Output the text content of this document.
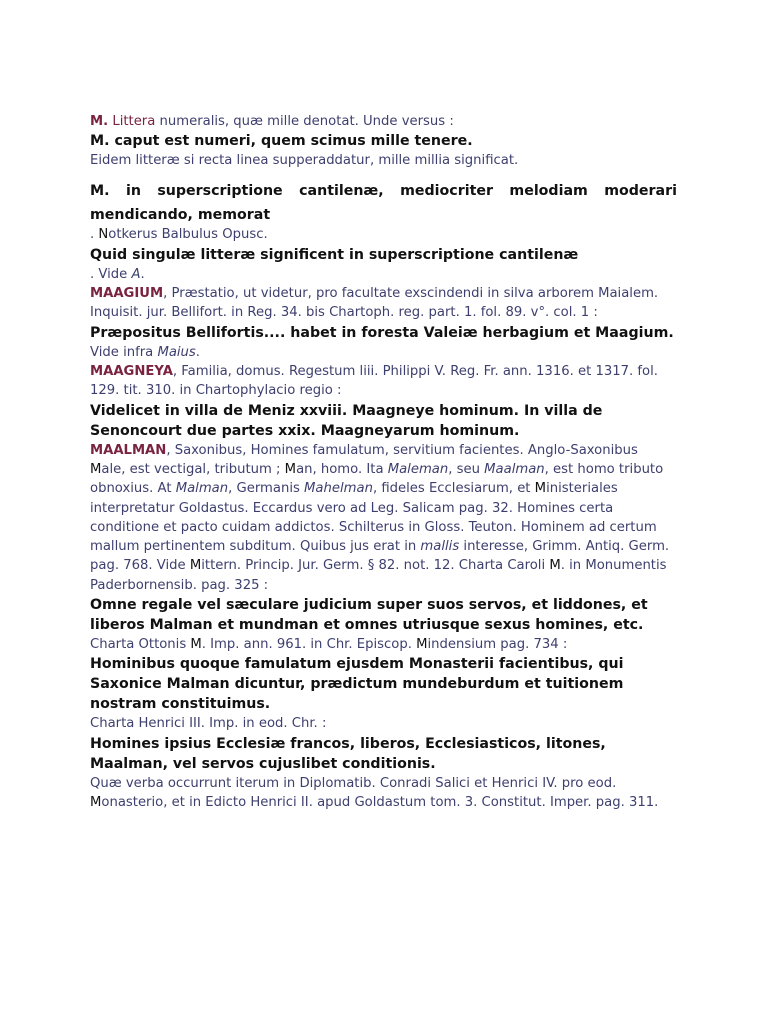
M. Littera numeralis, quæ mille denotat. Unde versus :

M. caput est numeri, quem scimus mille tenere.

Eidem litteræ si recta linea supperaddatur, mille millia significat.

M. in superscriptione cantilenæ, mediocriter melodiam moderari

mendicando, memorat

. Notkerus Balbulus Opusc.

Quid singulæ litteræ significent in superscriptione cantilenæ

. Vide A.

MAAGIUM, Præstatio, ut videtur, pro facultate exscindendi in silva arborem Maialem. Inquisit. jur. Bellifort. in Reg. 34. bis Chartoph. reg. part. 1. fol. 89. v°. col. 1 :

Præpositus Bellifortis.... habet in foresta Valeiæ herbagium et Maagium.

Vide infra Maius.

MAAGNEYA, Familia, domus. Regestum liii. Philippi V. Reg. Fr. ann. 1316. et 1317. fol. 129. tit. 310. in Chartophylacio regio :

Videlicet in villa de Meniz xxviii. Maagneye hominum. In villa de Senoncourt due partes xxix. Maagneyarum hominum.

MAALMAN, Saxonibus, Homines famulatum, servitium facientes. Anglo-Saxonibus Male, est vectigal, tributum ; Man, homo. Ita Maleman, seu Maalman, est homo tributo obnoxius. At Malman, Germanis Mahelman, fideles Ecclesiarum, et Ministeriales interpretatur Goldastus. Eccardus vero ad Leg. Salicam pag. 32. Homines certa conditione et pacto cuidam addictos. Schilterus in Gloss. Teuton. Hominem ad certum mallum pertinentem subditum. Quibus jus erat in mallis interesse, Grimm. Antiq. Germ. pag. 768. Vide Mittern. Princip. Jur. Germ. § 82. not. 12. Charta Caroli M. in Monumentis Paderbornensib. pag. 325 :

Omne regale vel sæculare judicium super suos servos, et liddones, et liberos Malman et mundman et omnes utriusque sexus homines, etc.

Charta Ottonis M. Imp. ann. 961. in Chr. Episcop. Mindensium pag. 734 :

Hominibus quoque famulatum ejusdem Monasterii facientibus, qui Saxonice Malman dicuntur, prædictum mundeburdum et tuitionem nostram constituimus.

Charta Henrici III. Imp. in eod. Chr. :

Homines ipsius Ecclesiæ francos, liberos, Ecclesiasticos, litones, Maalman, vel servos cujuslibet conditionis.

Quæ verba occurrunt iterum in Diplomatib. Conradi Salici et Henrici IV. pro eod. Monasterio, et in Edicto Henrici II. apud Goldastum tom. 3. Constitut. Imper. pag. 311.
